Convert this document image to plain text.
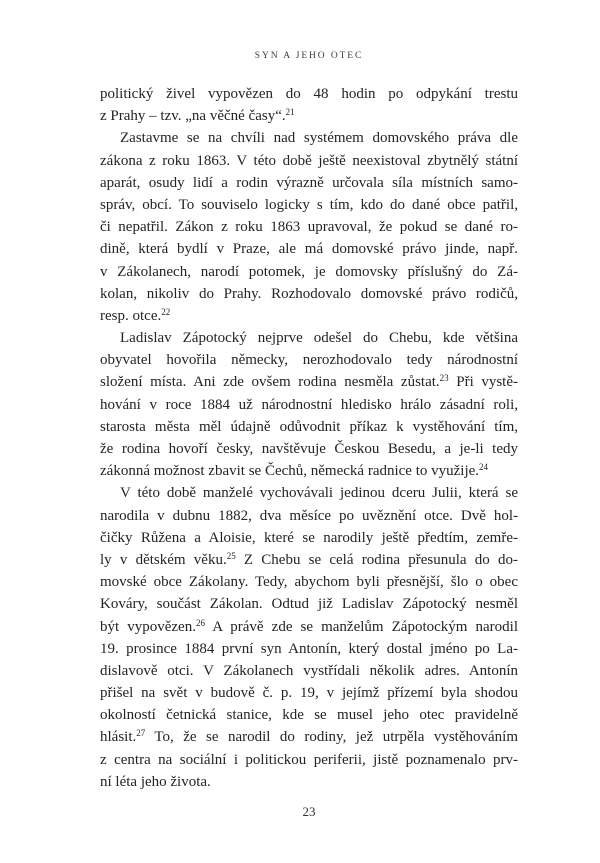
SYN A JEHO OTEC
politický živel vypovězen do 48 hodin po odpykání trestu
z Prahy – tzv. „na věčné časy“.$^{21}$
Zastavme se na chvíli nad systémem domovského práva dle
zákona z roku 1863. V této době ještě neexistoval zbytnělý státní
aparát, osudy lidí a rodin výrazně určovala síla místních samo-
správ, obcí. To souviselo logicky s tím, kdo do dané obce patřil,
či nepatřil. Zákon z roku 1863 upravoval, že pokud se dané ro-
dině, která bydlí v Praze, ale má domovské právo jinde, např.
v Zákolanech, narodí potomek, je domovsky příslušný do Zá-
kolan, nikoliv do Prahy. Rozhodovalo domovské právo rodičů,
resp. otce.$^{22}$
Ladislav Zápotocký nejprve odešel do Chebu, kde většina
obyvatel hovořila německy, nerozhodovalo tedy národnostní
složení místa. Ani zde ovšem rodina nesměla zůstat.$^{23}$ Při vystě-
hování v roce 1884 už národnostní hledisko hrálo zásadní roli,
starosta města měl údajně odůvodnit příkaz k vystěhování tím,
že rodina hovoří česky, navštěvuje Českou Besedu, a je-li tedy
zákonná možnost zbavit se Čechů, německá radnice to využije.$^{24}$
V této době manželé vychovávali jedinou dceru Julii, která se
narodila v dubnu 1882, dva měsíce po uvěznění otce. Dvě hol-
čičky Růžena a Aloisie, které se narodily ještě předtím, zemře-
ly v dětském věku.$^{25}$ Z Chebu se celá rodina přesunula do do-
movské obce Zákolany. Tedy, abychom byli přesnější, šlo o obec
Kováry, součást Zákolan. Odtud již Ladislav Zápotocký nesměl
být vypovězen.$^{26}$ A právě zde se manželům Zápotockým narodil
19. prosince 1884 první syn Antonín, který dostal jméno po La-
dislavově otci. V Zákolanech vystřídali několik adres. Antonín
přišel na svět v budově č. p. 19, v jejímž přízemí byla shodou
okolností četnická stanice, kde se musel jeho otec pravidelně
hlásit.$^{27}$ To, že se narodil do rodiny, jež utrpěla vystěhováním
z centra na sociální i politickou periferii, jistě poznamenalo prv-
ní léta jeho života.
23
